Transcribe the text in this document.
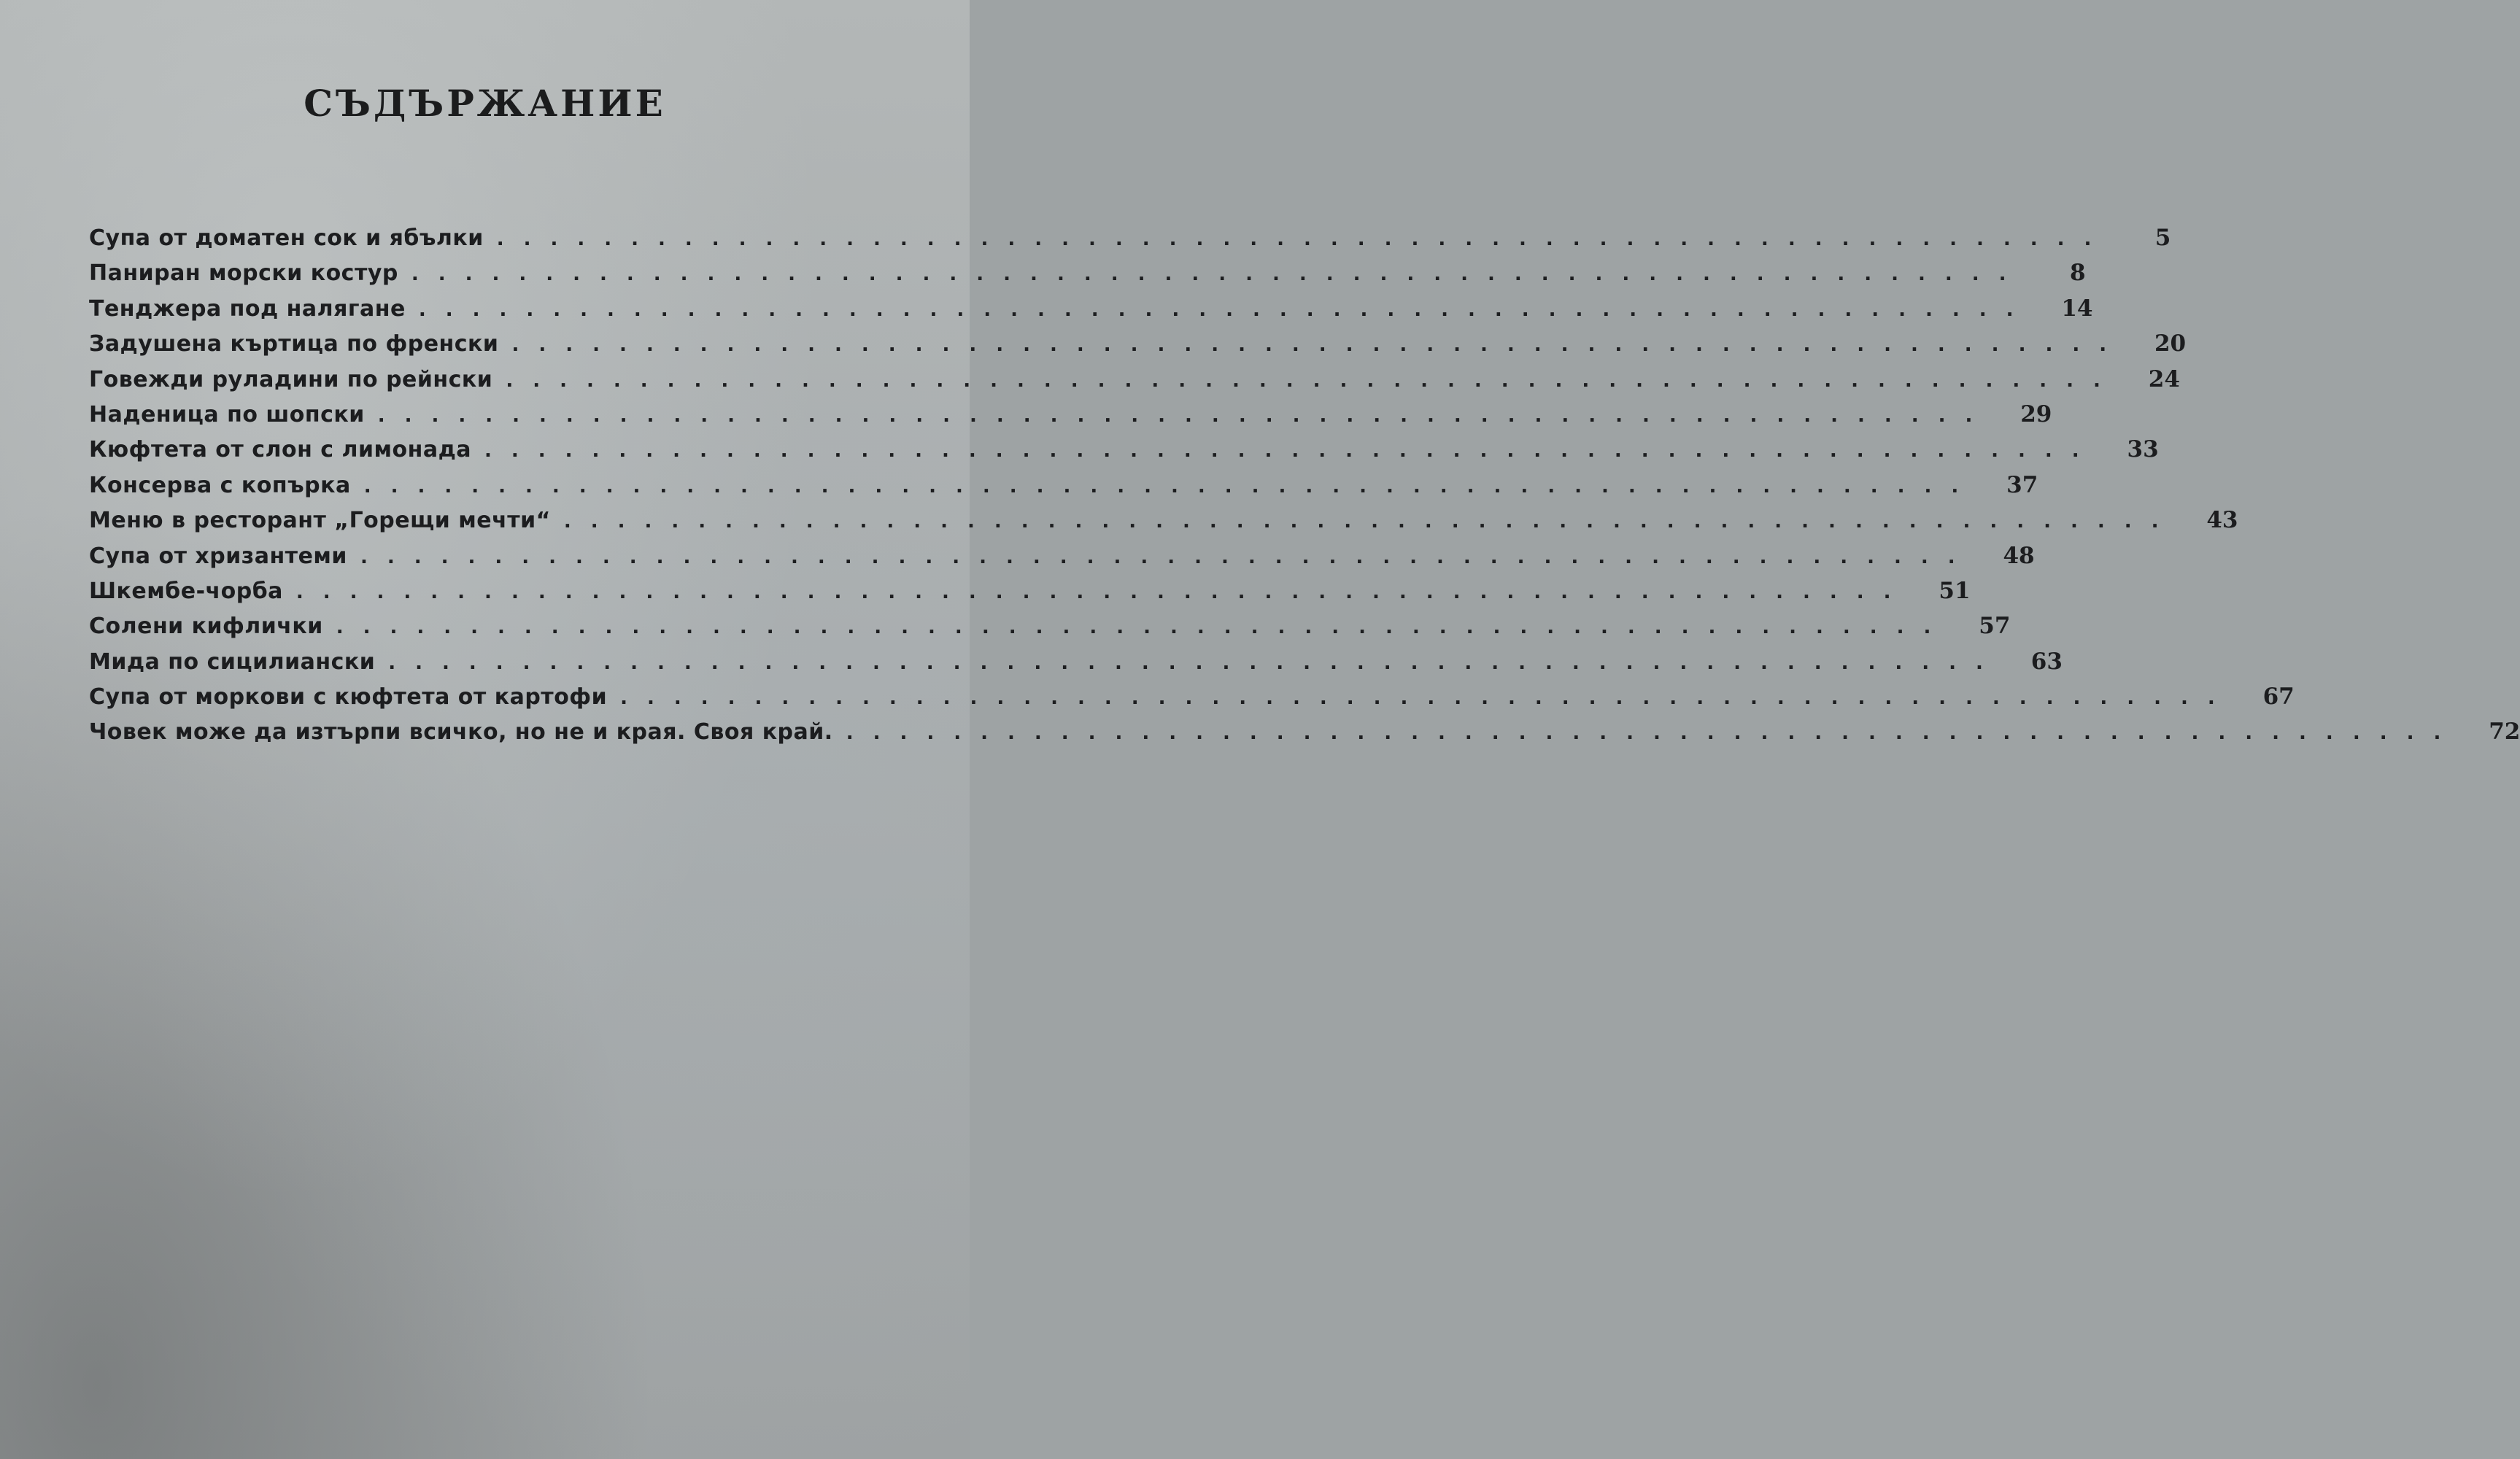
СЪДЪРЖАНИЕ
Супа от доматен сок и ябълки ............................................................	5
Паниран морски костур ............................................................	8
Тенджера под налягане ............................................................	14
Задушена къртица по френски ............................................................	20
Говежди руладини по рейнски ............................................................	24
Наденица по шопски ............................................................	29
Кюфтета от слон с лимонада ............................................................	33
Консерва с копърка ............................................................	37
Меню в ресторант „Горещи мечти“ ............................................................	43
Супа от хризантеми ............................................................	48
Шкембе-чорба ............................................................	51
Солени кифлички ............................................................	57
Мида по сицилиански ............................................................	63
Супа от моркови с кюфтета от картофи ............................................................	67
Човек може да изтърпи всичко, но не и края. Своя край. ............................................................	72
